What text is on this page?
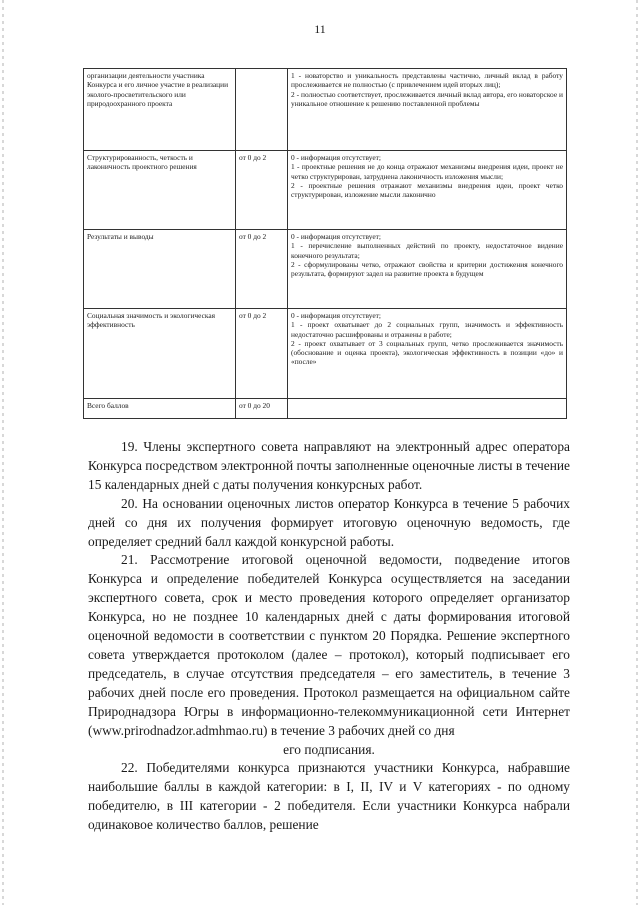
11
организации деятельности участника Конкурса и его личное участие в реализации эколого-просветительского или природоохранного проекта		1 - новаторство и уникальность представлены частично, личный вклад в работу прослеживается не полностью (с привлечением идей вторых лиц);
2 - полностью соответствует, прослеживается личный вклад автора, его новаторское и уникальное отношение к решению поставленной проблемы

Структурированность, четкость и лаконичность проектного решения	от 0 до 2	0 - информация отсутствует;
1 - проектные решения не до конца отражают механизмы внедрения идеи, проект не четко структурирован, затруднена лаконичность изложения мысли;
2 - проектные решения отражают механизмы внедрения идеи, проект четко структурирован, изложение мысли лаконично

Результаты и выводы	от 0 до 2	0 - информация отсутствует;
1 - перечисление выполненных действий по проекту, недостаточное видение конечного результата;
2 - сформулированы четко, отражают свойства и критерии достижения конечного результата, формируют задел на развитие проекта в будущем

Социальная значимость и экологическая эффективность	от 0 до 2	0 - информация отсутствует;
1 - проект охватывает до 2 социальных групп, значимость и эффективность недостаточно расшифрованы и отражены в работе;
2 - проект охватывает от 3 социальных групп, четко прослеживается значимость (обоснование и оценка проекта), экологическая эффективность в позиции «до» и «после»

Всего баллов	от 0 до 20	

19. Члены экспертного совета направляют на электронный адрес оператора Конкурса посредством электронной почты заполненные оценочные листы в течение 15 календарных дней с даты получения конкурсных работ.

20. На основании оценочных листов оператор Конкурса в течение 5 рабочих дней со дня их получения формирует итоговую оценочную ведомость, где определяет средний балл каждой конкурсной работы.

21. Рассмотрение итоговой оценочной ведомости, подведение итогов Конкурса и определение победителей Конкурса осуществляется на заседании экспертного совета, срок и место проведения которого определяет организатор Конкурса, но не позднее 10 календарных дней с даты формирования итоговой оценочной ведомости в соответствии с пунктом 20 Порядка. Решение экспертного совета утверждается протоколом (далее – протокол), который подписывает его председатель, в случае отсутствия председателя – его заместитель, в течение 3 рабочих дней после его проведения. Протокол размещается на официальном сайте Природнадзора Югры в информационно-телекоммуникационной сети Интернет (www.prirodnadzor.admhmao.ru) в течение 3 рабочих дней со дня

его подписания.

22. Победителями конкурса признаются участники Конкурса, набравшие наибольшие баллы в каждой категории: в I, II, IV и V категориях - по одному победителю, в III категории - 2 победителя. Если участники Конкурса набрали одинаковое количество баллов, решение
